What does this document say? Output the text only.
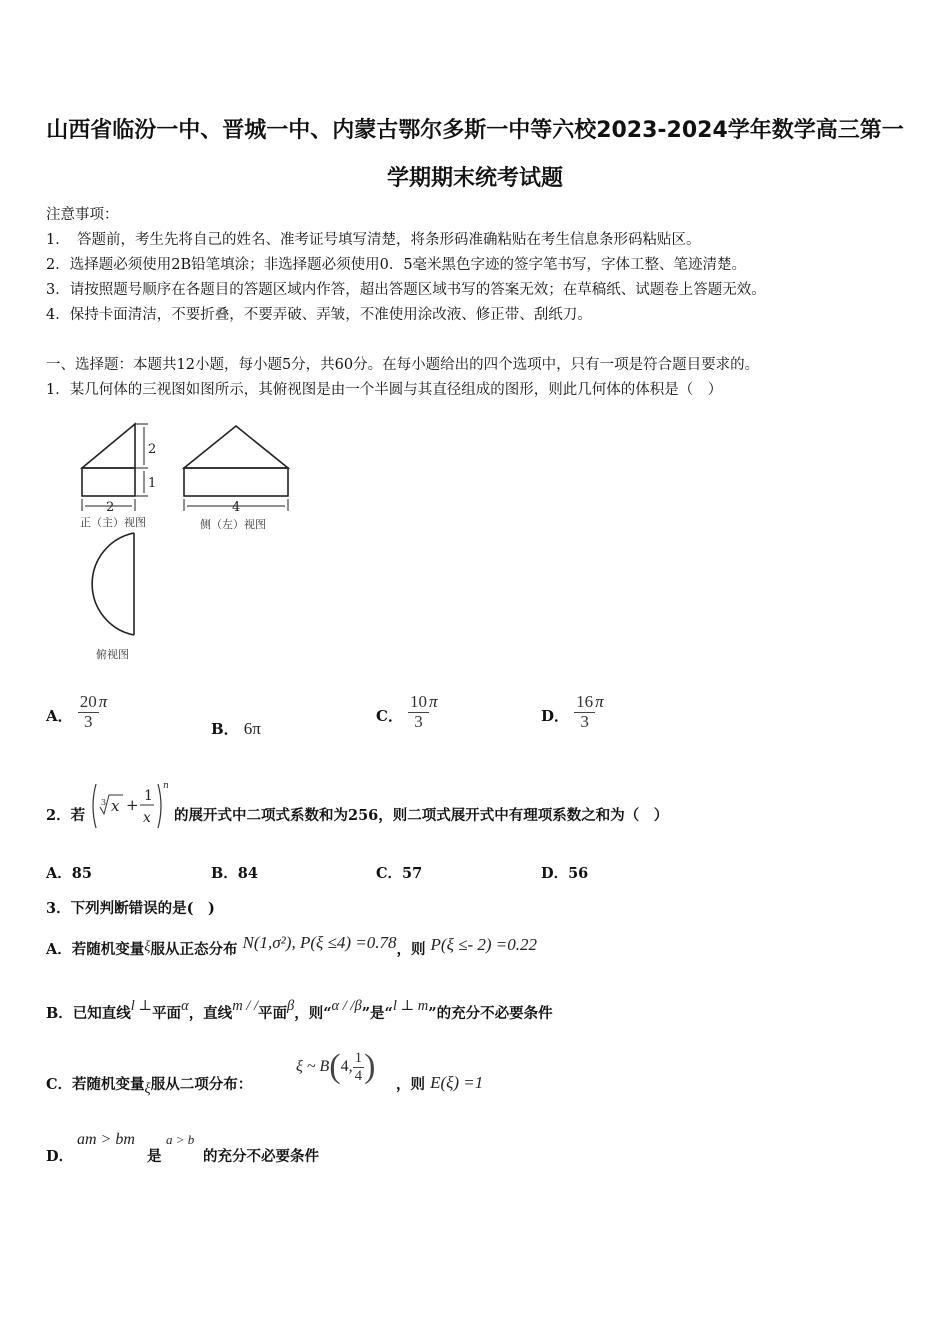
山西省临汾一中、晋城一中、内蒙古鄂尔多斯一中等六校2023-2024学年数学高三第一
学期期末统考试题
注意事项：
1．　答题前，考生先将自己的姓名、准考证号填写清楚，将条形码准确粘贴在考生信息条形码粘贴区。
2．选择题必须使用2B铅笔填涂；非选择题必须使用0．5毫米黑色字迹的签字笔书写，字体工整、笔迹清楚。
3．请按照题号顺序在各题目的答题区域内作答，超出答题区域书写的答案无效；在草稿纸、试题卷上答题无效。
4．保持卡面清洁，不要折叠，不要弄破、弄皱，不准使用涂改液、修正带、刮纸刀。
一、选择题：本题共12小题，每小题5分，共60分。在每小题给出的四个选项中，只有一项是符合题目要求的。
1．某几何体的三视图如图所示，其俯视图是由一个半圆与其直径组成的图形，则此几何体的体积是（　）
2
1
2
正（主）视图
4
侧（左）视图
俯视图
A． $\frac{20}{3}$ π
B． 6π
C． $\frac{10}{3}$ π
D． $\frac{16}{3}$ π
2．若
3 x + 1
x
n
的展开式中二项式系数和为256，则二项式展开式中有理项系数之和为（　）
A．85	B．84	C．57	D．56
3．下列判断错误的是(　)
A．若随机变量ξ服从正态分布 N(1,σ²), P(ξ ≤4) =0.78，则 P(ξ ≤- 2) =0.22
B．已知直线l ⊥平面α，直线m / /平面β，则“α / /β”是“l ⊥ m”的充分不必要条件
C．若随机变量ξ服从二项分布：
ξ ~ B(4, $\frac{1}{4}$ ) ，则 E(ξ) =1
D．
am > bm
是
a > b
的充分不必要条件
